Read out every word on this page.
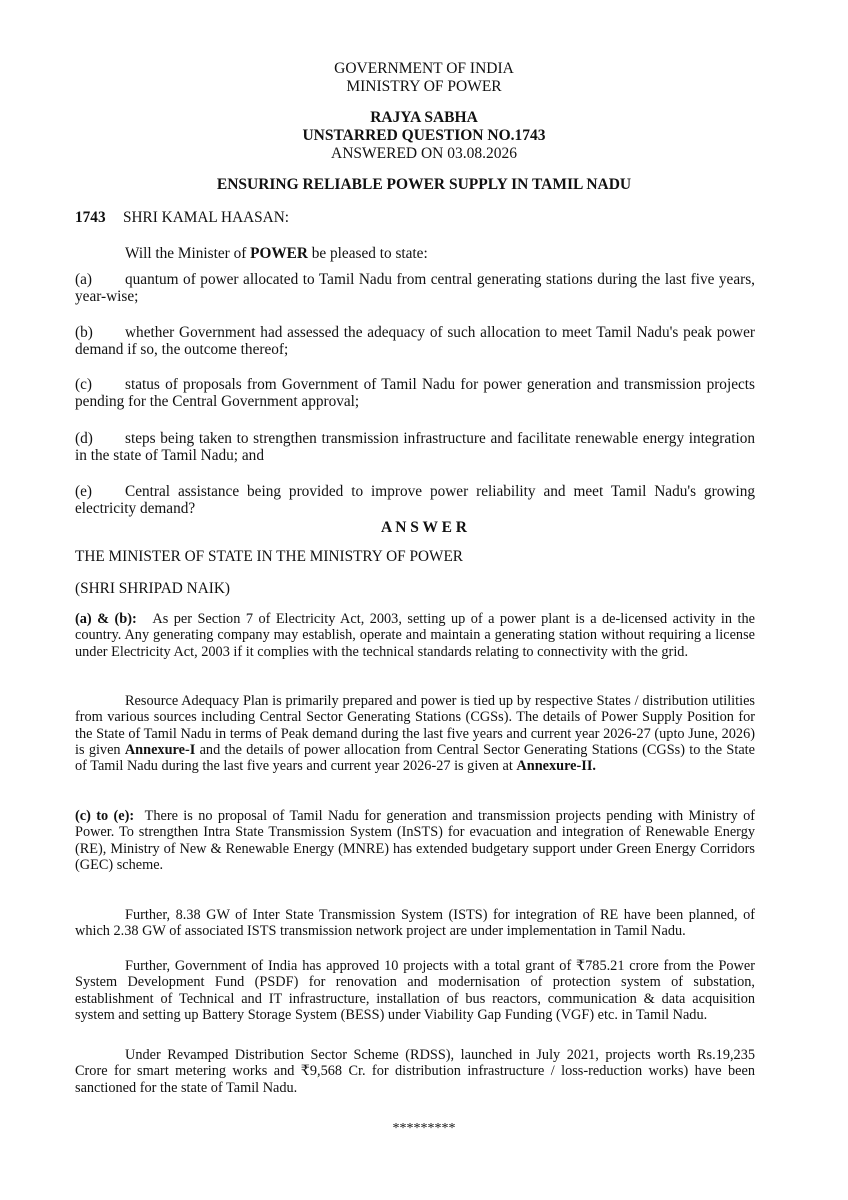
GOVERNMENT OF INDIA
MINISTRY OF POWER
RAJYA SABHA
UNSTARRED QUESTION NO.1743
ANSWERED ON 03.08.2026
ENSURING RELIABLE POWER SUPPLY IN TAMIL NADU
1743 SHRI KAMAL HAASAN:
Will the Minister of POWER be pleased to state:

(a) quantum of power allocated to Tamil Nadu from central generating stations during the last five years, year-wise;

(b) whether Government had assessed the adequacy of such allocation to meet Tamil Nadu's peak power demand if so, the outcome thereof;

(c) status of proposals from Government of Tamil Nadu for power generation and transmission projects pending for the Central Government approval;

(d) steps being taken to strengthen transmission infrastructure and facilitate renewable energy integration in the state of Tamil Nadu; and

(e) Central assistance being provided to improve power reliability and meet Tamil Nadu's growing electricity demand?

A N S W E R
THE MINISTER OF STATE IN THE MINISTRY OF POWER
(SHRI SHRIPAD NAIK)

(a) & (b): As per Section 7 of Electricity Act, 2003, setting up of a power plant is a de-licensed activity in the country. Any generating company may establish, operate and maintain a generating station without requiring a license under Electricity Act, 2003 if it complies with the technical standards relating to connectivity with the grid.

Resource Adequacy Plan is primarily prepared and power is tied up by respective States / distribution utilities from various sources including Central Sector Generating Stations (CGSs). The details of Power Supply Position for the State of Tamil Nadu in terms of Peak demand during the last five years and current year 2026-27 (upto June, 2026) is given Annexure-I and the details of power allocation from Central Sector Generating Stations (CGSs) to the State of Tamil Nadu during the last five years and current year 2026-27 is given at Annexure-II.

(c) to (e): There is no proposal of Tamil Nadu for generation and transmission projects pending with Ministry of Power. To strengthen Intra State Transmission System (InSTS) for evacuation and integration of Renewable Energy (RE), Ministry of New & Renewable Energy (MNRE) has extended budgetary support under Green Energy Corridors (GEC) scheme.

Further, 8.38 GW of Inter State Transmission System (ISTS) for integration of RE have been planned, of which 2.38 GW of associated ISTS transmission network project are under implementation in Tamil Nadu.

Further, Government of India has approved 10 projects with a total grant of ₹785.21 crore from the Power System Development Fund (PSDF) for renovation and modernisation of protection system of substation, establishment of Technical and IT infrastructure, installation of bus reactors, communication & data acquisition system and setting up Battery Storage System (BESS) under Viability Gap Funding (VGF) etc. in Tamil Nadu.

Under Revamped Distribution Sector Scheme (RDSS), launched in July 2021, projects worth Rs.19,235 Crore for smart metering works and ₹9,568 Cr. for distribution infrastructure / loss-reduction works) have been sanctioned for the state of Tamil Nadu.

*********
